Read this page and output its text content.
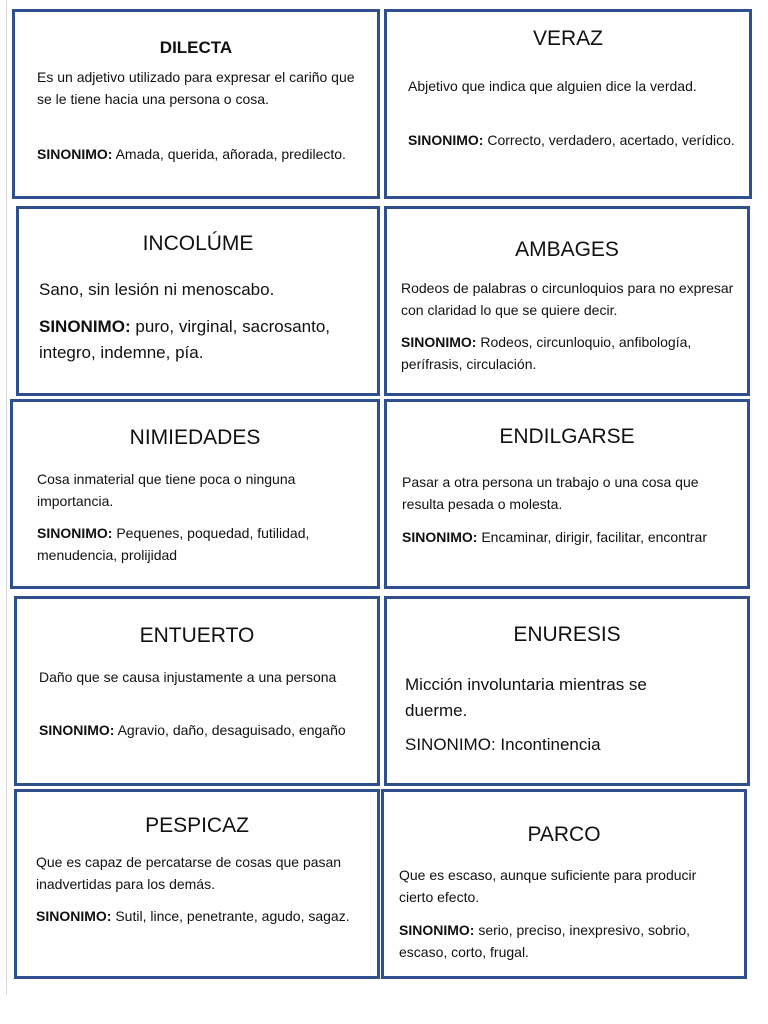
DILECTA

Es un adjetivo utilizado para expresar el cariño que se le tiene hacia una persona o cosa.

SINONIMO: Amada, querida, añorada, predilecto.

VERAZ

Abjetivo que indica que alguien dice la verdad.

SINONIMO: Correcto, verdadero, acertado, verídico.

INCOLÚME

Sano, sin lesión ni menoscabo.

SINONIMO: puro, virginal, sacrosanto, integro, indemne, pía.

AMBAGES

Rodeos de palabras o circunloquios para no expresar con claridad lo que se quiere decir.

SINONIMO: Rodeos, circunloquio, anfibología, perífrasis, circulación.

NIMIEDADES

Cosa inmaterial que tiene poca o ninguna importancia.

SINONIMO: Pequenes, poquedad, futilidad, menudencia, prolijidad

ENDILGARSE

Pasar a otra persona un trabajo o una cosa que resulta pesada o molesta.

SINONIMO: Encaminar, dirigir, facilitar, encontrar

ENTUERTO

Daño que se causa injustamente a una persona

SINONIMO: Agravio, daño, desaguisado, engaño

ENURESIS

Micción involuntaria mientras se duerme.

SINONIMO: Incontinencia

PESPICAZ

Que es capaz de percatarse de cosas que pasan inadvertidas para los demás.

SINONIMO: Sutil, lince, penetrante, agudo, sagaz.

PARCO

Que es escaso, aunque suficiente para producir cierto efecto.

SINONIMO: serio, preciso, inexpresivo, sobrio, escaso, corto, frugal.
